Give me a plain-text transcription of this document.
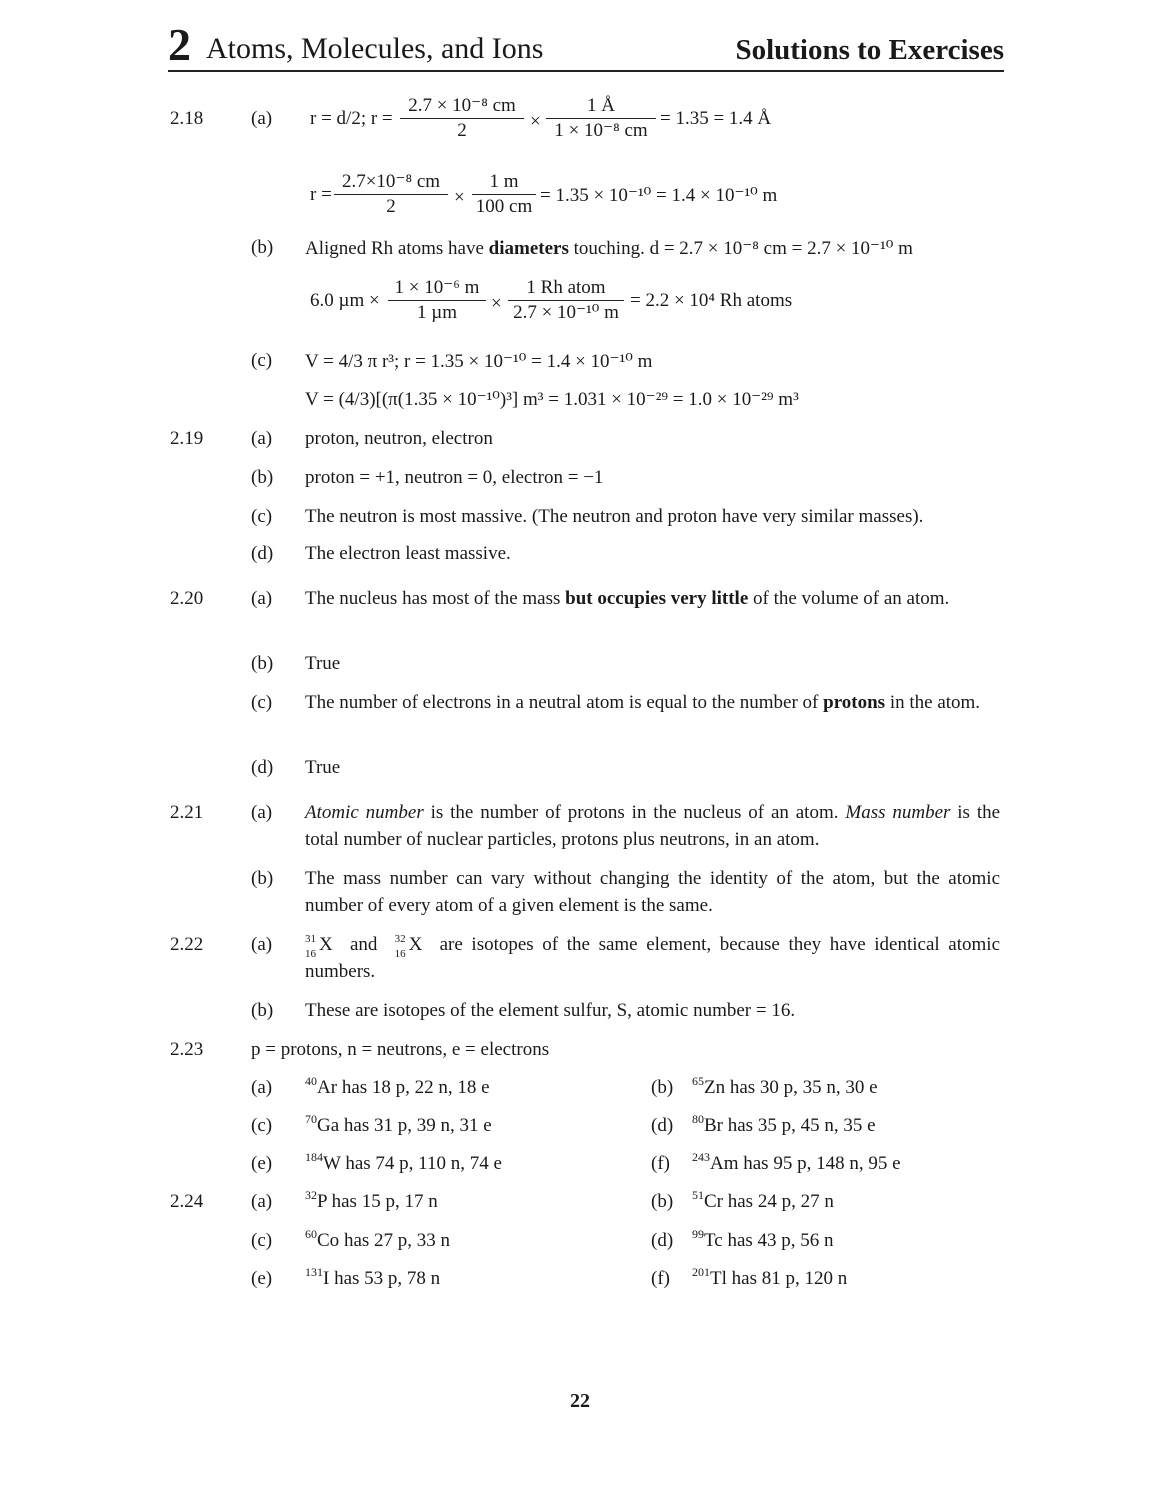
2 Atoms, Molecules, and Ions	Solutions to Exercises
2.18	(a) r = d/2; r =
2.7 × 10⁻⁸ cm
2	×
1 Å
1 × 10⁻⁸ cm
= 1.35 = 1.4 Å
r =
2.7×10⁻⁸ cm
2	×
1 m
100 cm
= 1.35 × 10⁻¹⁰ = 1.4 × 10⁻¹⁰ m
(b) Aligned Rh atoms have diameters touching. d = 2.7 × 10⁻⁸ cm = 2.7 × 10⁻¹⁰ m
6.0 µm ×
1 × 10⁻⁶ m
1 µm	×
1 Rh atom
2.7 × 10⁻¹⁰ m
= 2.2 × 10⁴ Rh atoms
(c) V = 4/3 π r³; r = 1.35 × 10⁻¹⁰ = 1.4 × 10⁻¹⁰ m
V = (4/3)[(π(1.35 × 10⁻¹⁰)³] m³ = 1.031 × 10⁻²⁹ = 1.0 × 10⁻²⁹ m³
2.19	(a) proton, neutron, electron
(b) proton = +1, neutron = 0, electron = −1
(c) The neutron is most massive. (The neutron and proton have very similar masses).
(d) The electron least massive.
2.20	(a) The nucleus has most of the mass but occupies very little of the volume of an atom.
(b) True
(c) The number of electrons in a neutral atom is equal to the number of protons in the atom.
(d) True
2.21	(a) Atomic number is the number of protons in the nucleus of an atom. Mass number is the total number of nuclear particles, protons plus neutrons, in an atom.
(b) The mass number can vary without changing the identity of the atom, but the atomic number of every atom of a given element is the same.
2.22	(a)	31
16 X and 32
16 X are isotopes of the same element, because they have identical atomic numbers.
(b) These are isotopes of the element sulfur, S, atomic number = 16.
2.23	p = protons, n = neutrons, e = electrons
(a)	$^{40}$Ar has 18 p, 22 n, 18 e	(b) $^{65}$Zn has 30 p, 35 n, 30 e
(c)	$^{70}$Ga has 31 p, 39 n, 31 e	(d) $^{80}$Br has 35 p, 45 n, 35 e
(e)	$^{184}$W has 74 p, 110 n, 74 e	(f) $^{243}$Am has 95 p, 148 n, 95 e
2.24	(a)	$^{32}$P has 15 p, 17 n	(b) $^{51}$Cr has 24 p, 27 n
(c)	$^{60}$Co has 27 p, 33 n	(d) $^{99}$Tc has 43 p, 56 n
(e)	$^{131}$I has 53 p, 78 n	(f) $^{201}$Tl has 81 p, 120 n
22
